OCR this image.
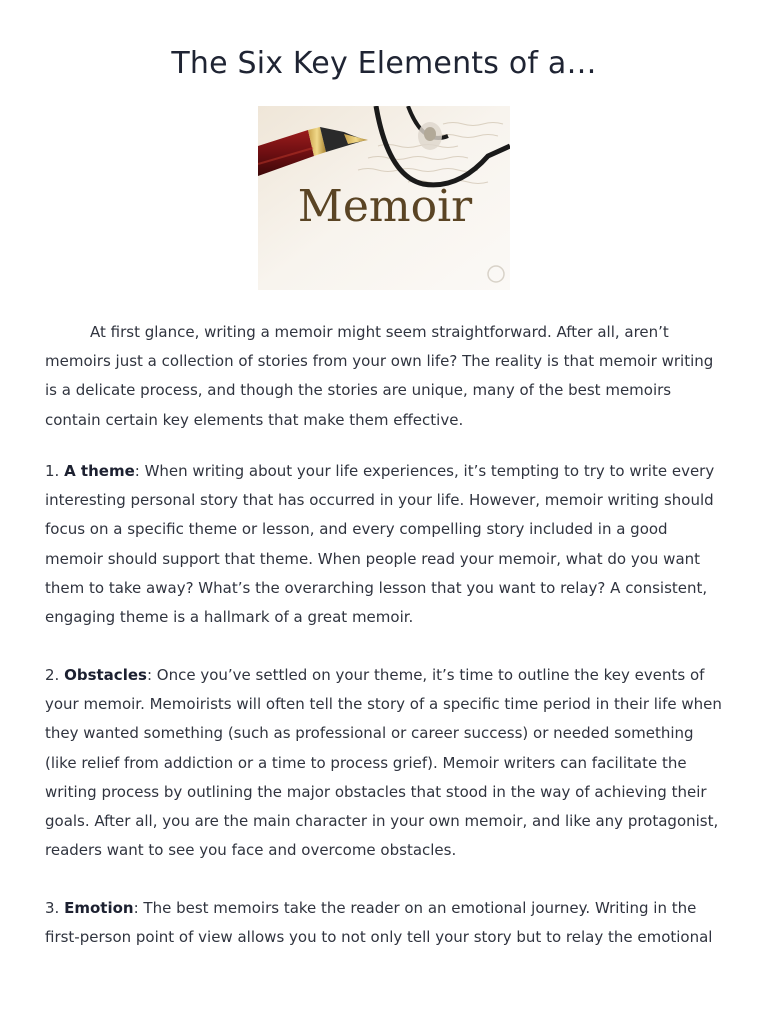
The Six Key Elements of a…
Memoir

At first glance, writing a memoir might seem straightforward. After all, aren’t memoirs just a collection of stories from your own life? The reality is that memoir writing is a delicate process, and though the stories are unique, many of the best memoirs contain certain key elements that make them effective.

1. A theme: When writing about your life experiences, it’s tempting to try to write every interesting personal story that has occurred in your life. However, memoir writing should focus on a specific theme or lesson, and every compelling story included in a good memoir should support that theme. When people read your memoir, what do you want them to take away? What’s the overarching lesson that you want to relay? A consistent, engaging theme is a hallmark of a great memoir.

2. Obstacles: Once you’ve settled on your theme, it’s time to outline the key events of your memoir. Memoirists will often tell the story of a specific time period in their life when they wanted something (such as professional or career success) or needed something (like relief from addiction or a time to process grief). Memoir writers can facilitate the writing process by outlining the major obstacles that stood in the way of achieving their goals. After all, you are the main character in your own memoir, and like any protagonist, readers want to see you face and overcome obstacles.

3. Emotion: The best memoirs take the reader on an emotional journey. Writing in the first-person point of view allows you to not only tell your story but to relay the emotional
